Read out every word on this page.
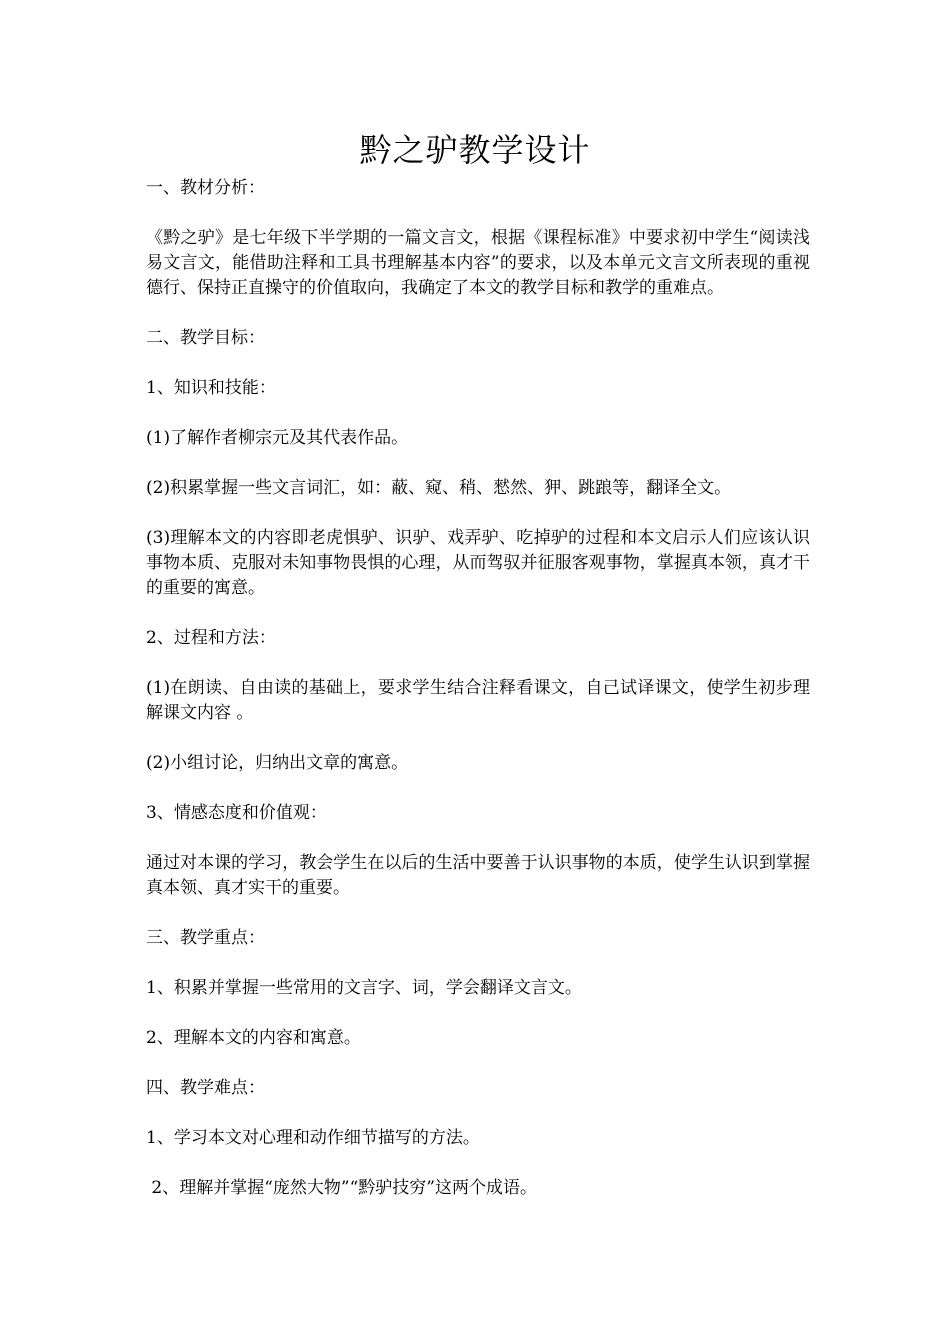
黔之驴教学设计

一、教材分析：

《黔之驴》是七年级下半学期的一篇文言文，根据《课程标准》中要求初中学生“阅读浅易文言文，能借助注释和工具书理解基本内容”的要求，以及本单元文言文所表现的重视德行、保持正直操守的价值取向，我确定了本文的教学目标和教学的重难点。

二、教学目标：

1、知识和技能：

(1)了解作者柳宗元及其代表作品。

(2)积累掌握一些文言词汇，如：蔽、窥、稍、憖然、狎、跳踉等，翻译全文。

(3)理解本文的内容即老虎惧驴、识驴、戏弄驴、吃掉驴的过程和本文启示人们应该认识事物本质、克服对未知事物畏惧的心理，从而驾驭并征服客观事物，掌握真本领，真才干的重要的寓意。

2、过程和方法：

(1)在朗读、自由读的基础上，要求学生结合注释看课文，自己试译课文，使学生初步理解课文内容 。

(2)小组讨论，归纳出文章的寓意。

3、情感态度和价值观：

通过对本课的学习，教会学生在以后的生活中要善于认识事物的本质，使学生认识到掌握真本领、真才实干的重要。

三、教学重点：

1、积累并掌握一些常用的文言字、词，学会翻译文言文。

2、理解本文的内容和寓意。

四、教学难点：

1、学习本文对心理和动作细节描写的方法。

2、理解并掌握“庞然大物”“黔驴技穷”这两个成语。
